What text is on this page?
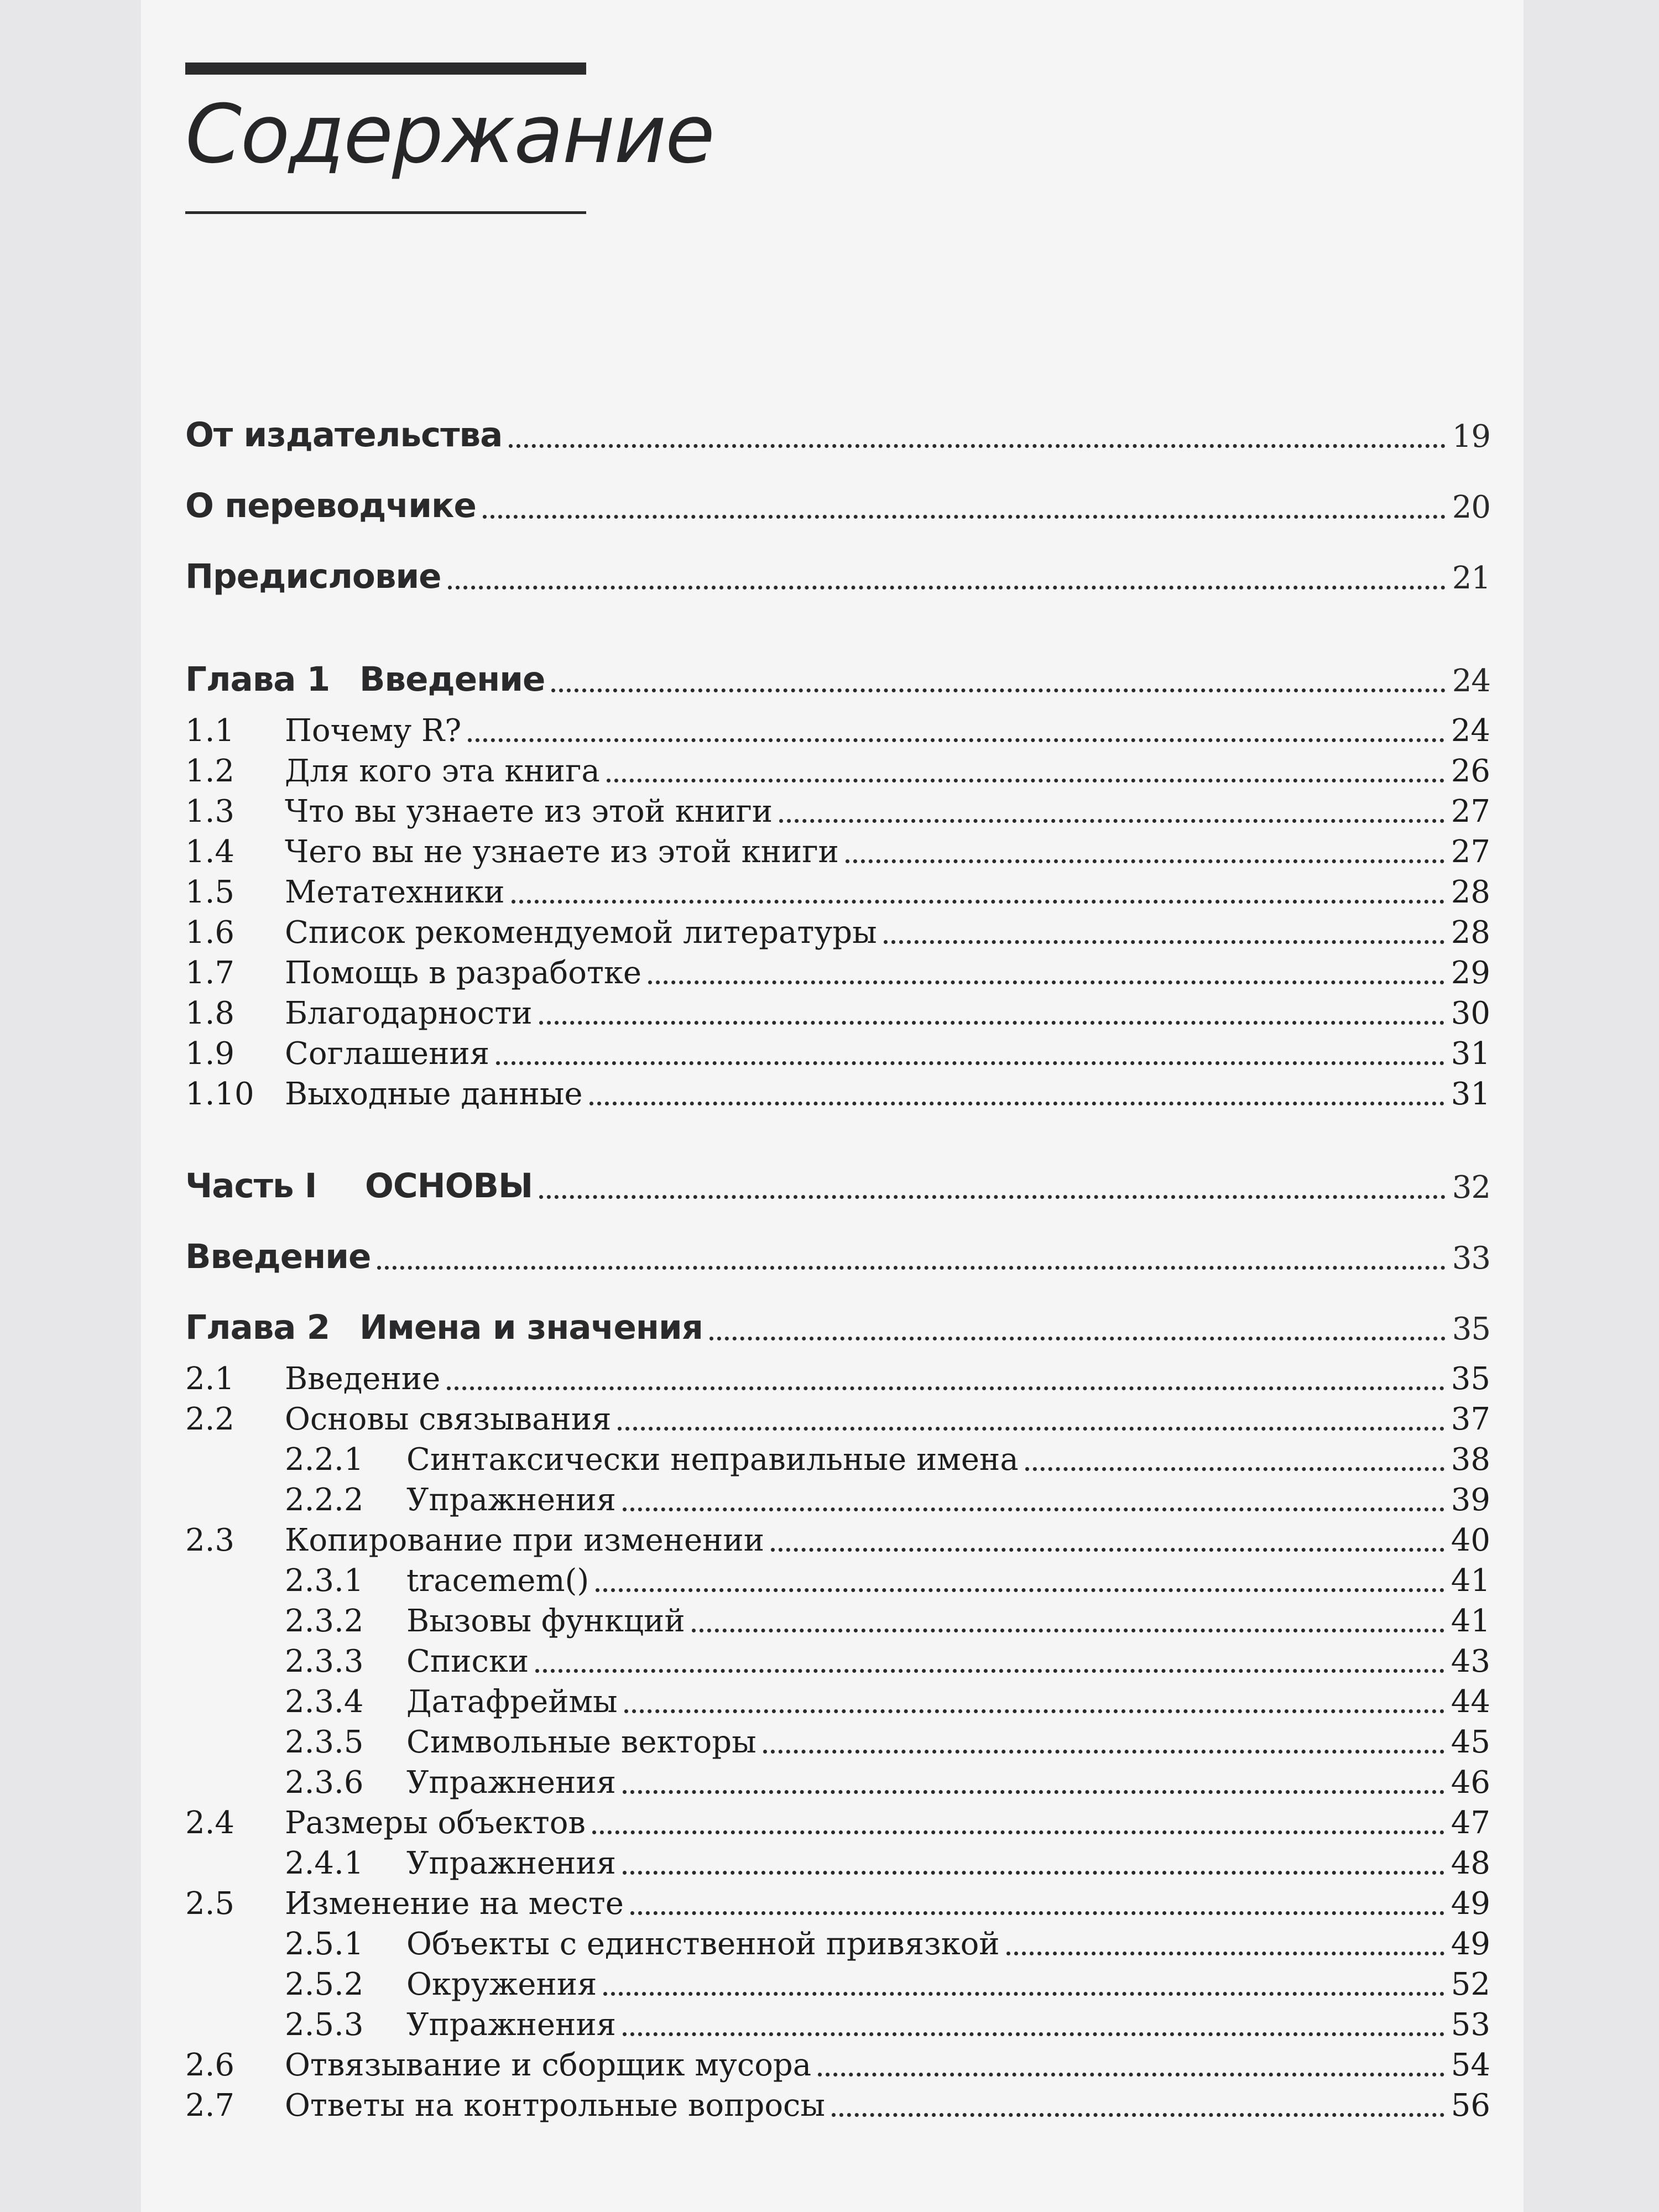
Содержание
От издательства	19
О переводчике	20
Предисловие	21
Глава 1 Введение	24
1.1	Почему R?	24
1.2	Для кого эта книга	26
1.3	Что вы узнаете из этой книги	27
1.4	Чего вы не узнаете из этой книги	27
1.5	Метатехники	28
1.6	Список рекомендуемой литературы	28
1.7	Помощь в разработке	29
1.8	Благодарности	30
1.9	Соглашения	31
1.10 Выходные данные	31
Часть I	ОСНОВЫ	32
Введение	33
Глава 2 Имена и значения	35
2.1	Введение	35
2.2	Основы связывания	37
2.2.1	Синтаксически неправильные имена	38
2.2.2	Упражнения	39
2.3	Копирование при изменении	40
2.3.1	tracemem()	41
2.3.2	Вызовы функций	41
2.3.3	Списки	43
2.3.4	Датафреймы	44
2.3.5	Символьные векторы	45
2.3.6	Упражнения	46
2.4	Размеры объектов	47
2.4.1	Упражнения	48
2.5	Изменение на месте	49
2.5.1	Объекты с единственной привязкой	49
2.5.2	Окружения	52
2.5.3	Упражнения	53
2.6	Отвязывание и сборщик мусора	54
2.7	Ответы на контрольные вопросы	56
